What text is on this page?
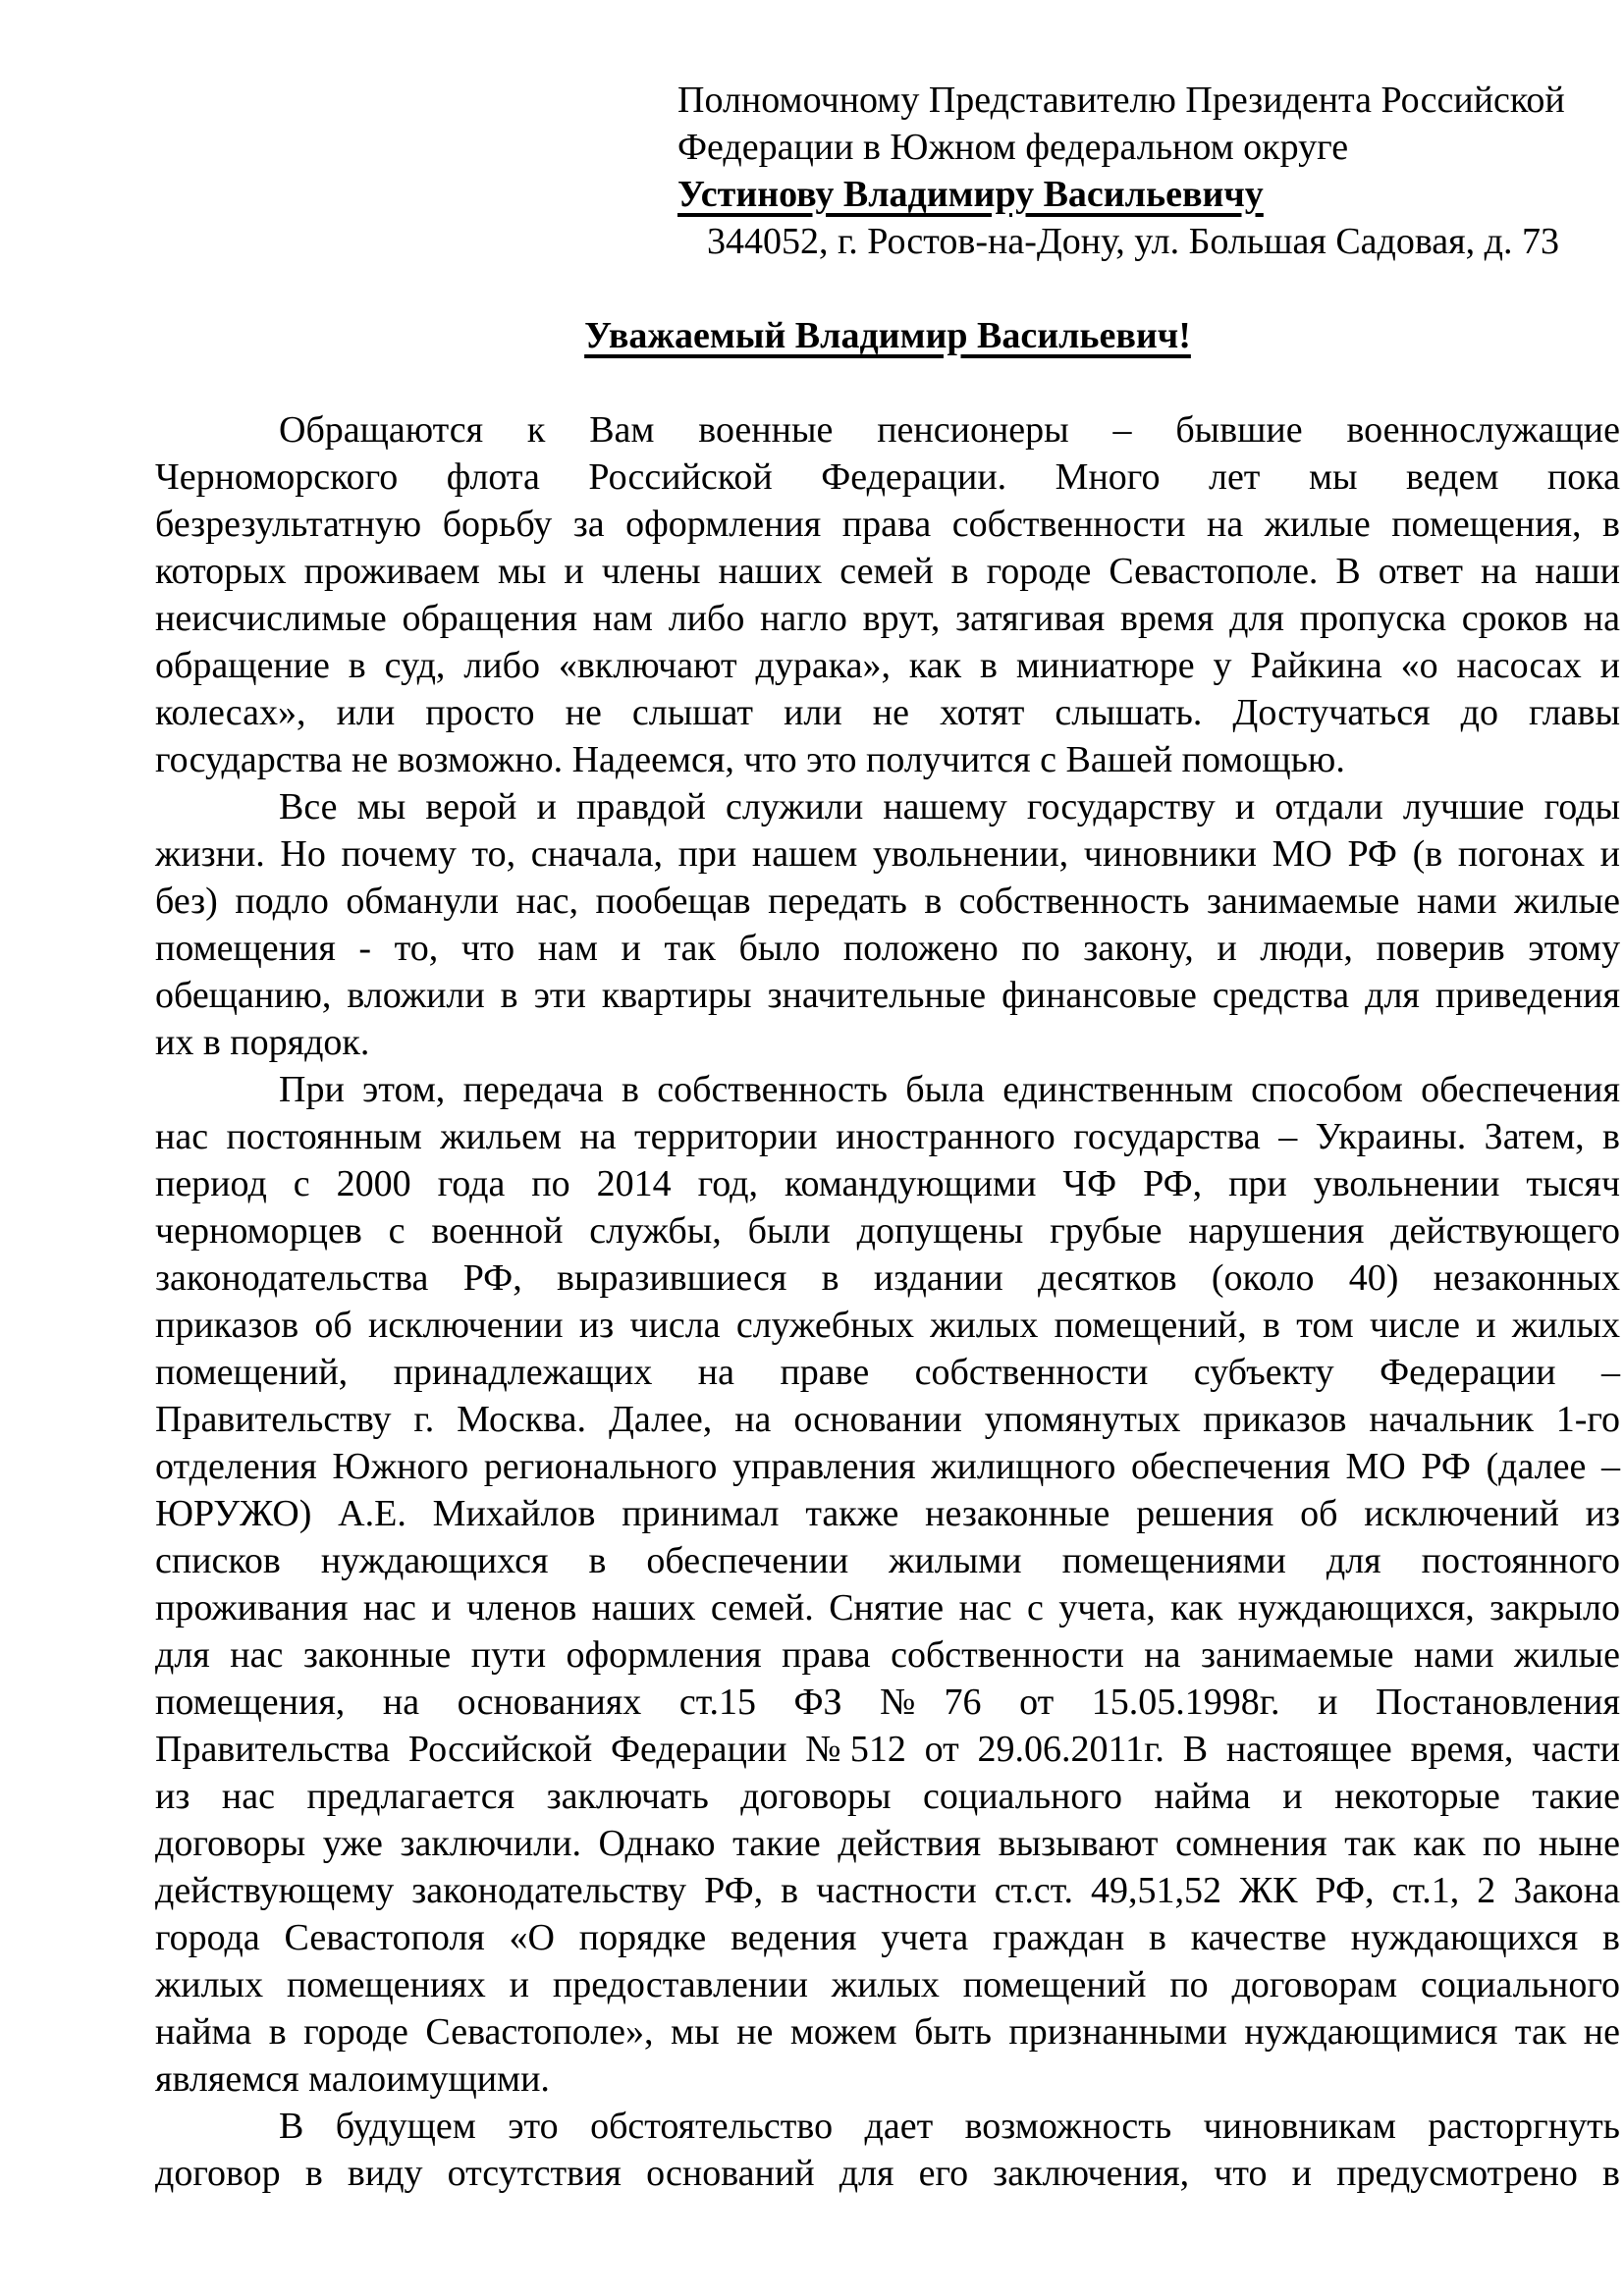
Полномочному Представителю Президента Российской
Федерации в Южном федеральном округе
Устинову Владимиру Васильевичу
344052, г. Ростов-на-Дону, ул. Большая Садовая, д. 73
Уважаемый Владимир Васильевич!
Обращаются к Вам военные пенсионеры – бывшие военнослужащие
Черноморского флота Российской Федерации. Много лет мы ведем пока
безрезультатную борьбу за оформления права собственности на жилые помещения, в
которых проживаем мы и члены наших семей в городе Севастополе. В ответ на наши
неисчислимые обращения нам либо нагло врут, затягивая время для пропуска сроков на
обращение в суд, либо «включают дурака», как в миниатюре у Райкина «о насосах и
колесах», или просто не слышат или не хотят слышать. Достучаться до главы
государства не возможно. Надеемся, что это получится с Вашей помощью.
Все мы верой и правдой служили нашему государству и отдали лучшие годы
жизни. Но почему то, сначала, при нашем увольнении, чиновники МО РФ (в погонах и
без) подло обманули нас, пообещав передать в собственность занимаемые нами жилые
помещения - то, что нам и так было положено по закону, и люди, поверив этому
обещанию, вложили в эти квартиры значительные финансовые средства для приведения
их в порядок.
При этом, передача в собственность была единственным способом обеспечения
нас постоянным жильем на территории иностранного государства – Украины. Затем, в
период с 2000 года по 2014 год, командующими ЧФ РФ, при увольнении тысяч
черноморцев с военной службы, были допущены грубые нарушения действующего
законодательства РФ, выразившиеся в издании десятков (около 40) незаконных
приказов об исключении из числа служебных жилых помещений, в том числе и жилых
помещений, принадлежащих на праве собственности субъекту Федерации –
Правительству г. Москва. Далее, на основании упомянутых приказов начальник 1-го
отделения Южного регионального управления жилищного обеспечения МО РФ (далее –
ЮРУЖО) А.Е. Михайлов принимал также незаконные решения об исключений из
списков нуждающихся в обеспечении жилыми помещениями для постоянного
проживания нас и членов наших семей. Снятие нас с учета, как нуждающихся, закрыло
для нас законные пути оформления права собственности на занимаемые нами жилые
помещения, на основаниях ст.15 ФЗ №76 от 15.05.1998г. и Постановления
Правительства Российской Федерации №512 от 29.06.2011г. В настоящее время, части
из нас предлагается заключать договоры социального найма и некоторые такие
договоры уже заключили. Однако такие действия вызывают сомнения так как по ныне
действующему законодательству РФ, в частности ст.ст. 49,51,52 ЖК РФ, ст.1, 2 Закона
города Севастополя «О порядке ведения учета граждан в качестве нуждающихся в
жилых помещениях и предоставлении жилых помещений по договорам социального
найма в городе Севастополе», мы не можем быть признанными нуждающимися так не
являемся малоимущими.
В будущем это обстоятельство дает возможность чиновникам расторгнуть
договор в виду отсутствия оснований для его заключения, что и предусмотрено в
